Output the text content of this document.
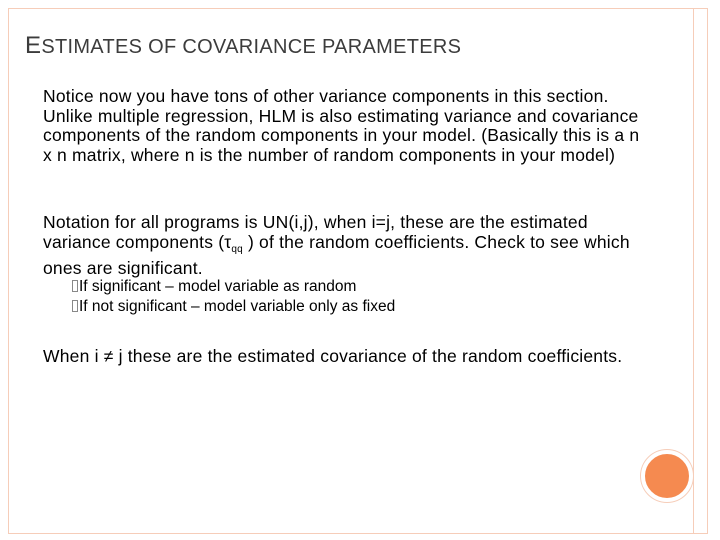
ESTIMATES OF COVARIANCE PARAMETERS

Notice now you have tons of other variance components in this section. Unlike multiple regression, HLM is also estimating variance and covariance components of the random components in your model. (Basically this is a n x n matrix, where n is the number of random components in your model)

Notation for all programs is UN(i,j), when i=j, these are the estimated variance components ($\tau_{qq}$ ) of the random coefficients. Check to see which ones are significant.

If significant – model variable as random
If not significant – model variable only as fixed

When i ≠ j these are the estimated covariance of the random coefficients.
